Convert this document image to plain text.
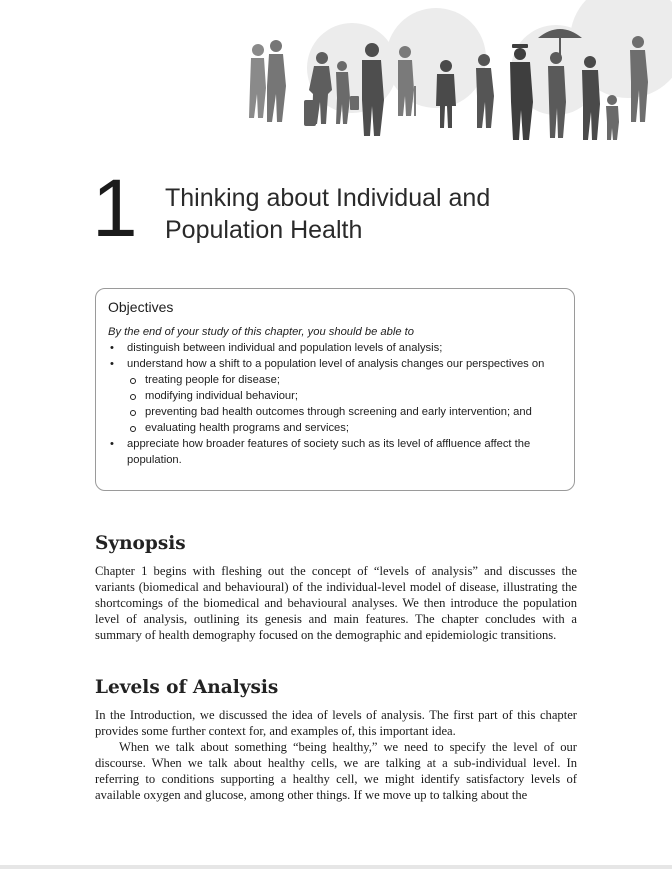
1 Thinking about Individual and Population Health
Objectives
By the end of your study of this chapter, you should be able to
• distinguish between individual and population levels of analysis;
• understand how a shift to a population level of analysis changes our perspectives on
treating people for disease;
modifying individual behaviour;
preventing bad health outcomes through screening and early intervention; and
evaluating health programs and services;
• appreciate how broader features of society such as its level of affluence affect the population.
Synopsis

Chapter 1 begins with fleshing out the concept of “levels of analysis” and discusses the variants (biomedical and behavioural) of the individual-level model of disease, illustrating the shortcomings of the biomedical and behavioural analyses. We then introduce the population level of analysis, outlining its genesis and main features. The chapter concludes with a summary of health demography focused on the demographic and epidemiologic transitions.

Levels of Analysis

In the Introduction, we discussed the idea of levels of analysis. The first part of this chapter provides some further context for, and examples of, this important idea.

When we talk about something “being healthy,” we need to specify the level of our discourse. When we talk about healthy cells, we are talking at a sub-individual level. In referring to conditions supporting a healthy cell, we might identify satisfactory levels of available oxygen and glucose, among other things. If we move up to talking about the
